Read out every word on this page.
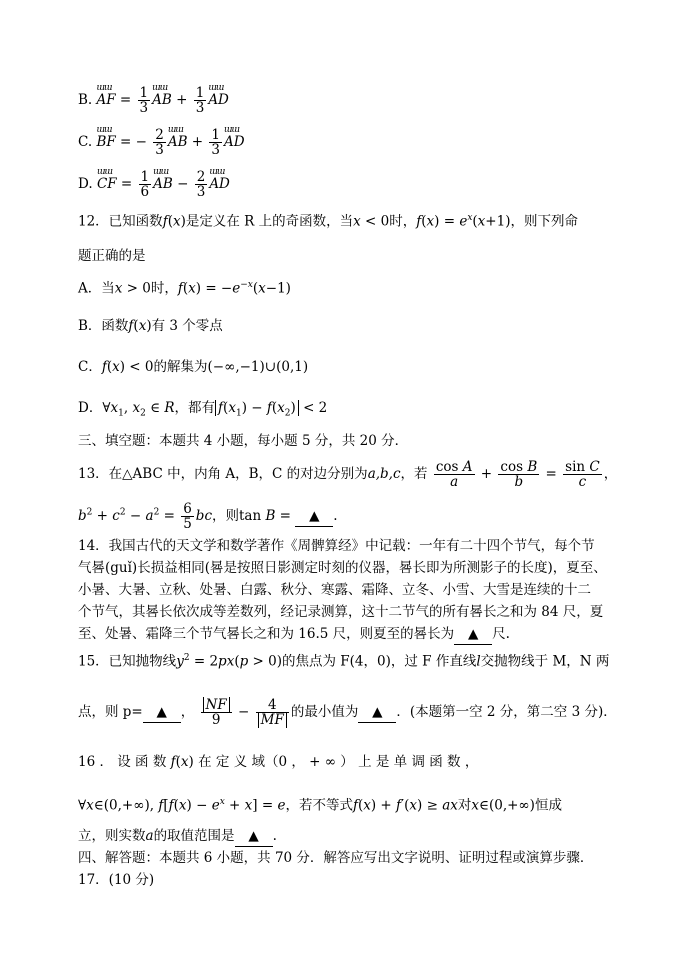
B. ɯɯ AF = $\frac{1}{3}$ ɯɯ AB + $\frac{1}{3}$ ɯɯ AD
C. ɯɯ BF = − $\frac{2}{3}$ ɯɯ AB + $\frac{1}{3}$ ɯɯ AD
D. ɯɯ CF = $\frac{1}{6}$ ɯɯ AB − $\frac{2}{3}$ ɯɯ AD
12．已知函数f(x)是定义在 R 上的奇函数，当x < 0时，$f(x) = e^x(x+1)$，则下列命
题正确的是
A．当x > 0时，$f(x) = -e^{-x}(x-1)$
B．函数f(x)有 3 个零点
C．f(x) < 0的解集为(−∞,−1)∪(0,1)
D．$\forall x_1$, $x_2$ ∈ R，都有 $f(x_1) - f(x_2) < 2$
三、填空题：本题共 4 小题，每小题 5 分，共 20 分．
13．在△ABC 中，内角 A，B，C 的对边分别为a,b,c，若 $\frac{\text{cos A}}{a} + \frac{\text{cos B}}{b} = \frac{\text{sin C}}{c}$ ，
$b^2 + c^2 - a^2 = \frac{6}{5}$ bc，则tan B = ▲ .
14．我国古代的天文学和数学著作《周髀算经》中记载：一年有二十四个节气，每个节
气晷(guǐ)长损益相同(晷是按照日影测定时刻的仪器，晷长即为所测影子的长度)，夏至、
小暑、大暑、立秋、处暑、白露、秋分、寒露、霜降、立冬、小雪、大雪是连续的十二
个节气，其晷长依次成等差数列，经记录测算，这十二节气的所有晷长之和为 84 尺，夏
至、处暑、霜降三个节气晷长之和为 16.5 尺，则夏至的晷长为 ▲ 尺.
15．已知抛物线$y^2 = 2px(p > 0)$的焦点为 F(4，0)，过 F 作直线l交抛物线于 M，N 两
点，则 p= ▲ ， $\frac{NF}{9} - \frac{4}{MF}$ 的最小值为 ▲ ．(本题第一空 2 分，第二空 3 分)．
16 ． 设 函 数 f(x) 在 定 义 域（0 ， + ∞ ） 上 是 单 调 函 数 ，
∀x∈(0,+∞), $f[f(x) - e^x + x] = e$，若不等式f(x) + f′(x) ≥ ax对x∈(0,+∞)恒成
立，则实数a的取值范围是 ▲ .
四、解答题：本题共 6 小题，共 70 分．解答应写出文字说明、证明过程或演算步骤．
17．(10 分)
